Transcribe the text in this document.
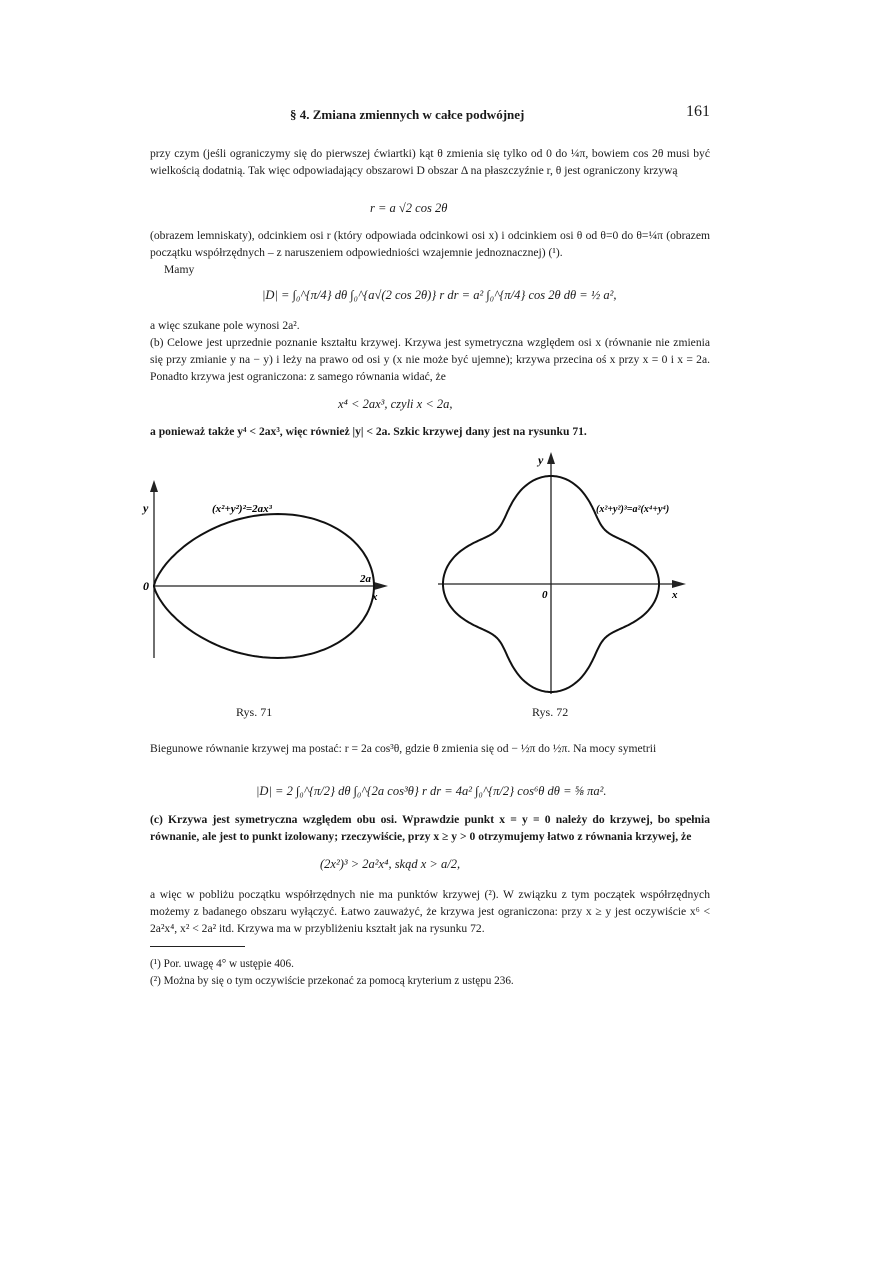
§ 4. Zmiana zmiennych w całce podwójnej	161
przy czym (jeśli ograniczymy się do pierwszej ćwiartki) kąt θ zmienia się tylko od 0 do ¼π, bowiem cos 2θ musi być wielkością dodatnią. Tak więc odpowiadający obszarowi D obszar Δ na płaszczyźnie r, θ jest ograniczony krzywą
r = a √2 cos 2θ
(obrazem lemniskaty), odcinkiem osi r (który odpowiada odcinkowi osi x) i odcinkiem osi θ od θ=0 do θ=¼π (obrazem początku współrzędnych – z naruszeniem odpowiedniości wzajemnie jednoznacznej) (¹).
Mamy
|D| = ∫₀^{π/4} dθ ∫₀^{a√(2 cos 2θ)} r dr = a² ∫₀^{π/4} cos 2θ dθ = ½ a²,
a więc szukane pole wynosi 2a².
(b) Celowe jest uprzednie poznanie kształtu krzywej. Krzywa jest symetryczna względem osi x (równanie nie zmienia się przy zmianie y na − y) i leży na prawo od osi y (x nie może być ujemne); krzywa przecina oś x przy x = 0 i x = 2a. Ponadto krzywa jest ograniczona: z samego równania widać, że
x⁴ < 2ax³, czyli x < 2a,
a ponieważ także y⁴ < 2ax³, więc również |y| < 2a. Szkic krzywej dany jest na rysunku 71.
y
0	2a
x
(x²+y²)²=2ax³
Rys. 71
y
0	x
(x²+y²)³=a²(x⁴+y⁴)
Rys. 72
Biegunowe równanie krzywej ma postać: r = 2a cos³θ, gdzie θ zmienia się od − ½π do ½π. Na mocy symetrii
|D| = 2 ∫₀^{π/2} dθ ∫₀^{2a cos³θ} r dr = 4a² ∫₀^{π/2} cos⁶θ dθ = ⅝ πa².
(c) Krzywa jest symetryczna względem obu osi. Wprawdzie punkt x = y = 0 należy do krzywej, bo spełnia równanie, ale jest to punkt izolowany; rzeczywiście, przy x ≥ y > 0 otrzymujemy łatwo z równania krzywej, że
(2x²)³ > 2a²x⁴, skąd x > a/2,
a więc w pobliżu początku współrzędnych nie ma punktów krzywej (²). W związku z tym początek współrzędnych możemy z badanego obszaru wyłączyć. Łatwo zauważyć, że krzywa jest ograniczona: przy x ≥ y jest oczywiście x⁶ < 2a²x⁴, x² < 2a² itd. Krzywa ma w przybliżeniu kształt jak na rysunku 72.
(¹) Por. uwagę 4° w ustępie 406.
(²) Można by się o tym oczywiście przekonać za pomocą kryterium z ustępu 236.
